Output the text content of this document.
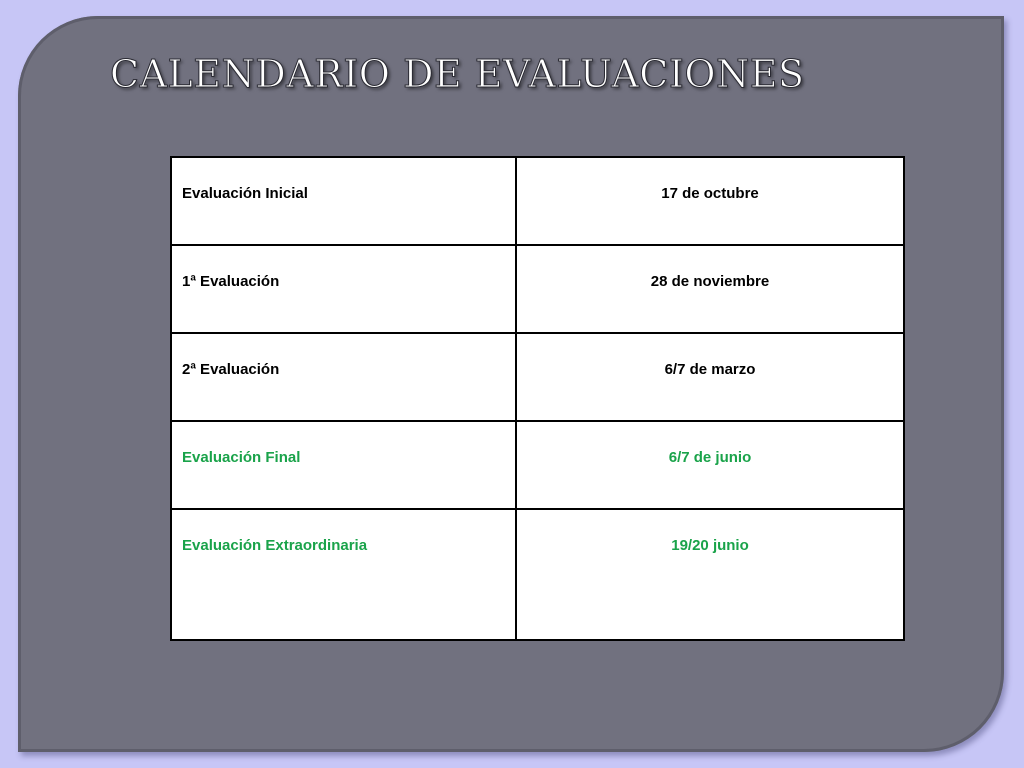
CALENDARIO DE EVALUACIONES
Evaluación Inicial	17 de octubre
1ª Evaluación	28 de noviembre
2ª Evaluación	6/7 de marzo
Evaluación Final	6/7 de junio
Evaluación Extraordinaria	19/20 junio
